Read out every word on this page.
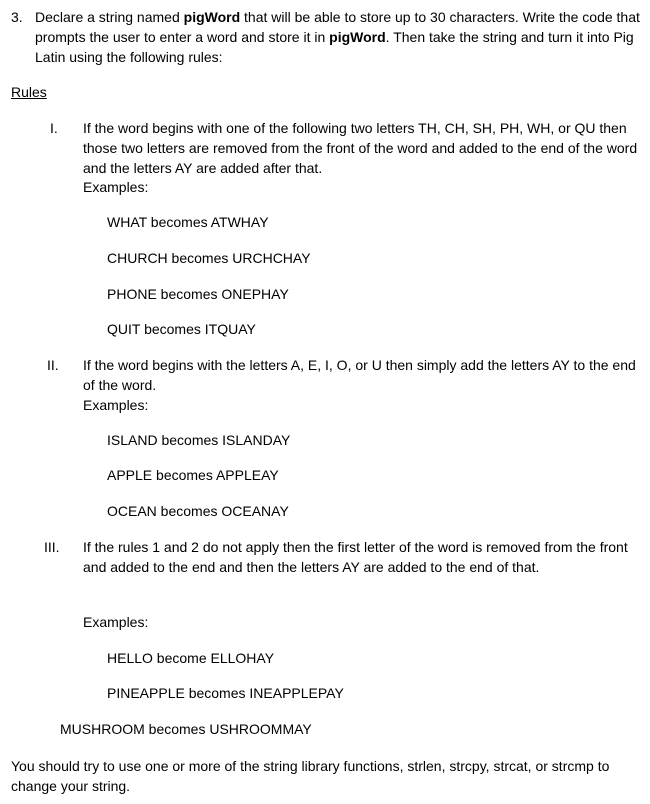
3. Declare a string named pigWord that will be able to store up to 30 characters. Write the code that prompts the user to enter a word and store it in pigWord. Then take the string and turn it into Pig Latin using the following rules:
Rules
I.	If the word begins with one of the following two letters TH, CH, SH, PH, WH, or QU then those two letters are removed from the front of the word and added to the end of the word and the letters AY are added after that.
Examples:
WHAT becomes ATWHAY
CHURCH becomes URCHCHAY
PHONE becomes ONEPHAY
QUIT becomes ITQUAY
II.	If the word begins with the letters A, E, I, O, or U then simply add the letters AY to the end of the word.
Examples:
ISLAND becomes ISLANDAY
APPLE becomes APPLEAY
OCEAN becomes OCEANAY
III.	If the rules 1 and 2 do not apply then the first letter of the word is removed from the front and added to the end and then the letters AY are added to the end of that.
Examples:
HELLO become ELLOHAY
PINEAPPLE becomes INEAPPLEPAY
MUSHROOM becomes USHROOMMAY
You should try to use one or more of the string library functions, strlen, strcpy, strcat, or strcmp to change your string.
